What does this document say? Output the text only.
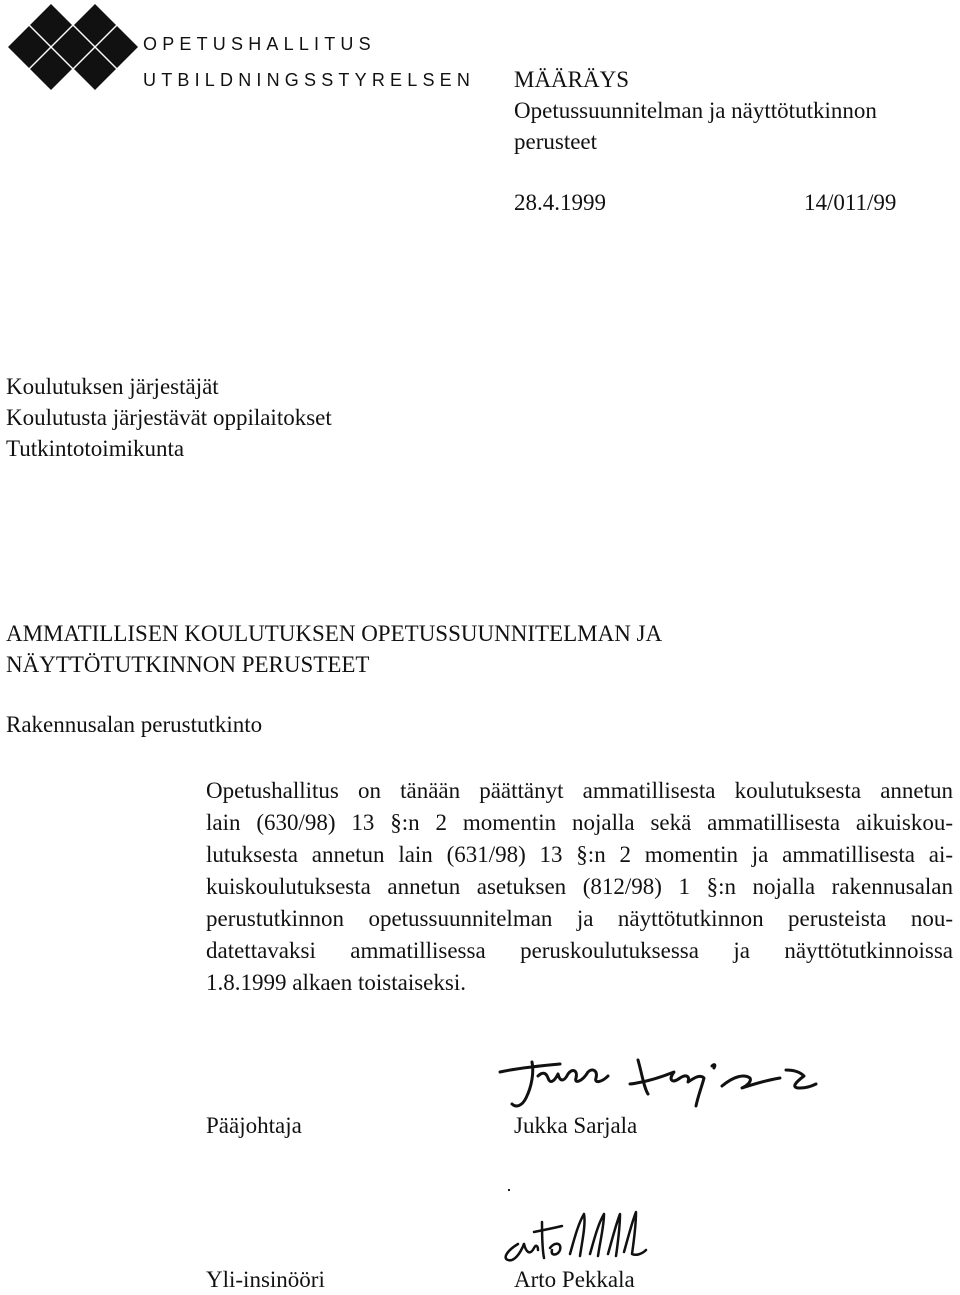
OPETUSHALLITUS
UTBILDNINGSSTYRELSEN MÄÄRÄYS
Opetussuunnitelman ja näyttötutkinnon
perusteet
28.4.1999	14/011/99
Koulutuksen järjestäjät
Koulutusta järjestävät oppilaitokset
Tutkintotoimikunta
AMMATILLISEN KOULUTUKSEN OPETUSSUUNNITELMAN JA
NÄYTTÖTUTKINNON PERUSTEET
Rakennusalan perustutkinto

Opetushallitus on tänään päättänyt ammatillisesta koulutuksesta annetun
lain (630/98) 13 §:n 2 momentin nojalla sekä ammatillisesta aikuiskou-
lutuksesta annetun lain (631/98) 13 §:n 2 momentin ja ammatillisesta ai-
kuiskoulutuksesta annetun asetuksen (812/98) 1 §:n nojalla rakennusalan
perustutkinnon opetussuunnitelman ja näyttötutkinnon perusteista nou-
datettavaksi ammatillisessa peruskoulutuksessa ja näyttötutkinnoissa
1.8.1999 alkaen toistaiseksi.

Pääjohtaja	Jukka Sarjala
Yli-insinööri	Arto Pekkala
